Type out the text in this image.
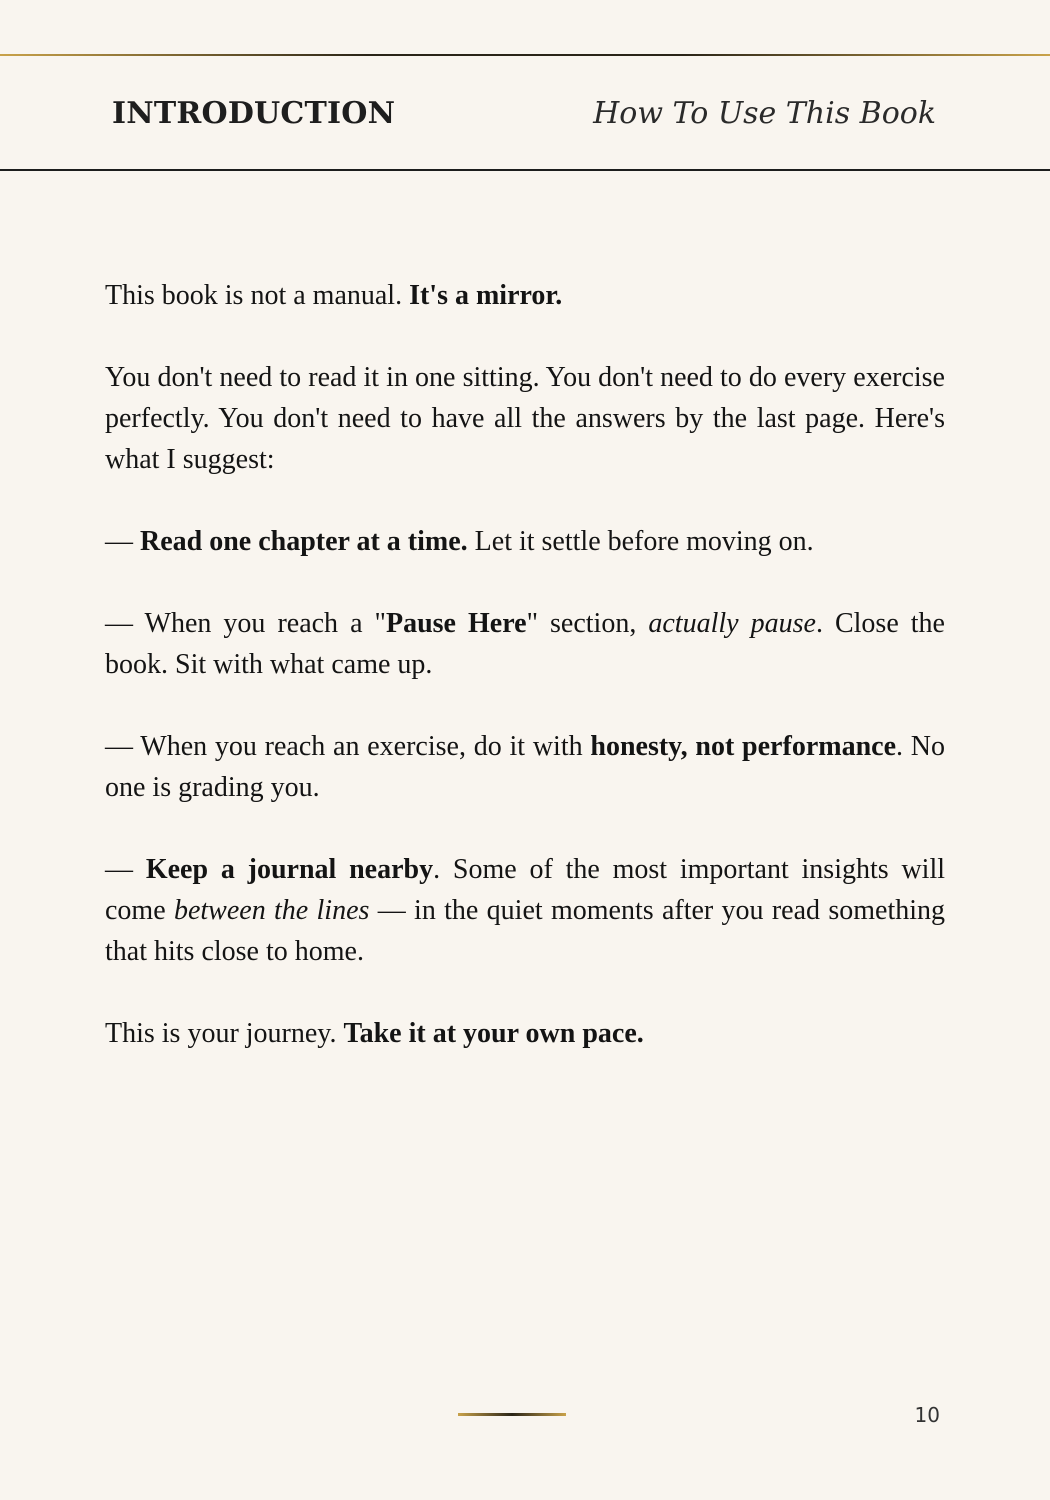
INTRODUCTION	How To Use This Book

This book is not a manual. It's a mirror.

You don't need to read it in one sitting. You don't need to do every exercise perfectly. You don't need to have all the answers by the last page. Here's what I suggest:

— Read one chapter at a time. Let it settle before moving on.

— When you reach a "Pause Here" section, actually pause. Close the book. Sit with what came up.

— When you reach an exercise, do it with honesty, not performance. No one is grading you.

— Keep a journal nearby. Some of the most important insights will come between the lines — in the quiet moments after you read something that hits close to home.

This is your journey. Take it at your own pace.

10
